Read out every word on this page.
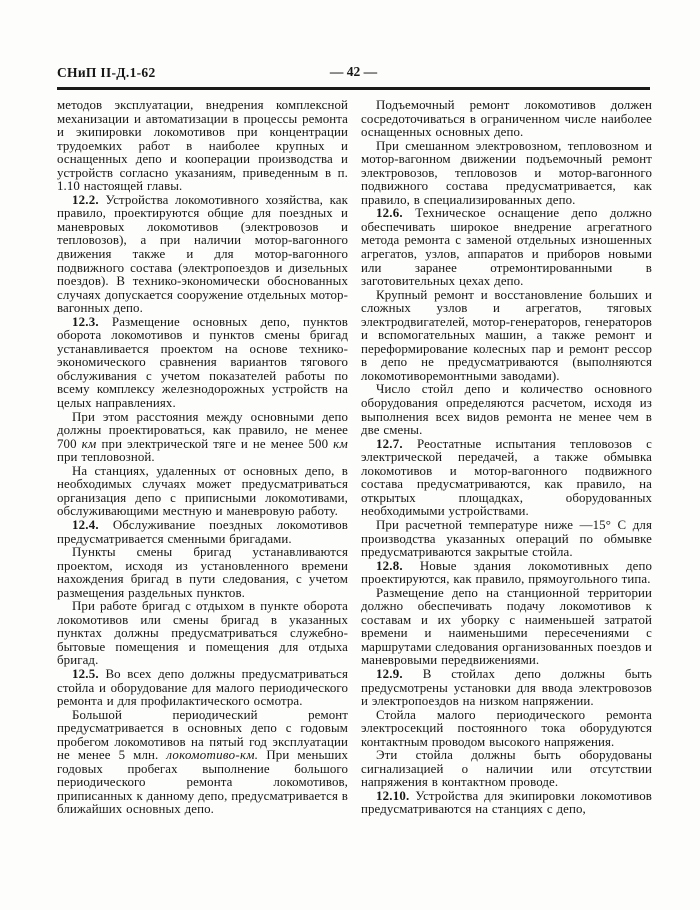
СНиП II-Д.1-62	— 42 —

методов эксплуатации, внедрения комплексной механизации и автоматизации в процессы ремонта и экипировки локомотивов при концентрации трудоемких работ в наиболее крупных и оснащенных депо и кооперации производства и устройств согласно указаниям, приведенным в п. 1.10 настоящей главы.

12.2. Устройства локомотивного хозяйства, как правило, проектируются общие для поездных и маневровых локомотивов (электровозов и тепловозов), а при наличии мотор-вагонного движения также и для мотор-вагонного подвижного состава (электропоездов и дизельных поездов). В технико-экономически обоснованных случаях допускается сооружение отдельных мотор-вагонных депо.

12.3. Размещение основных депо, пунктов оборота локомотивов и пунктов смены бригад устанавливается проектом на основе технико-экономического сравнения вариантов тягового обслуживания с учетом показателей работы по всему комплексу железнодорожных устройств на целых направлениях.

При этом расстояния между основными депо должны проектироваться, как правило, не менее 700 км при электрической тяге и не менее 500 км при тепловозной.

На станциях, удаленных от основных депо, в необходимых случаях может предусматриваться организация депо с приписными локомотивами, обслуживающими местную и маневровую работу.

12.4. Обслуживание поездных локомотивов предусматривается сменными бригадами.

Пункты смены бригад устанавливаются проектом, исходя из установленного времени нахождения бригад в пути следования, с учетом размещения раздельных пунктов.

При работе бригад с отдыхом в пункте оборота локомотивов или смены бригад в указанных пунктах должны предусматриваться служебно-бытовые помещения и помещения для отдыха бригад.

12.5. Во всех депо должны предусматриваться стойла и оборудование для малого периодического ремонта и для профилактического осмотра.

Большой периодический ремонт предусматривается в основных депо с годовым пробегом локомотивов на пятый год эксплуатации не менее 5 млн. локомотиво-км. При меньших годовых пробегах выполнение большого периодического ремонта локомотивов, приписанных к данному депо, предусматривается в ближайших основных депо.

Подъемочный ремонт локомотивов должен сосредоточиваться в ограниченном числе наиболее оснащенных основных депо.

При смешанном электровозном, тепловозном и мотор-вагонном движении подъемочный ремонт электровозов, тепловозов и мотор-вагонного подвижного состава предусматривается, как правило, в специализированных депо.

12.6. Техническое оснащение депо должно обеспечивать широкое внедрение агрегатного метода ремонта с заменой отдельных изношенных агрегатов, узлов, аппаратов и приборов новыми или заранее отремонтированными в заготовительных цехах депо.

Крупный ремонт и восстановление больших и сложных узлов и агрегатов, тяговых электродвигателей, мотор-генераторов, генераторов и вспомогательных машин, а также ремонт и переформирование колесных пар и ремонт рессор в депо не предусматриваются (выполняются локомотиворемонтными заводами).

Число стойл депо и количество основного оборудования определяются расчетом, исходя из выполнения всех видов ремонта не менее чем в две смены.

12.7. Реостатные испытания тепловозов с электрической передачей, а также обмывка локомотивов и мотор-вагонного подвижного состава предусматриваются, как правило, на открытых площадках, оборудованных необходимыми устройствами.

При расчетной температуре ниже —15° С для производства указанных операций по обмывке предусматриваются закрытые стойла.

12.8. Новые здания локомотивных депо проектируются, как правило, прямоугольного типа.

Размещение депо на станционной территории должно обеспечивать подачу локомотивов к составам и их уборку с наименьшей затратой времени и наименьшими пересечениями с маршрутами следования организованных поездов и маневровыми передвижениями.

12.9. В стойлах депо должны быть предусмотрены установки для ввода электровозов и электропоездов на низком напряжении.

Стойла малого периодического ремонта электросекций постоянного тока оборудуются контактным проводом высокого напряжения.

Эти стойла должны быть оборудованы сигнализацией о наличии или отсутствии напряжения в контактном проводе.

12.10. Устройства для экипировки локомотивов предусматриваются на станциях с депо,
